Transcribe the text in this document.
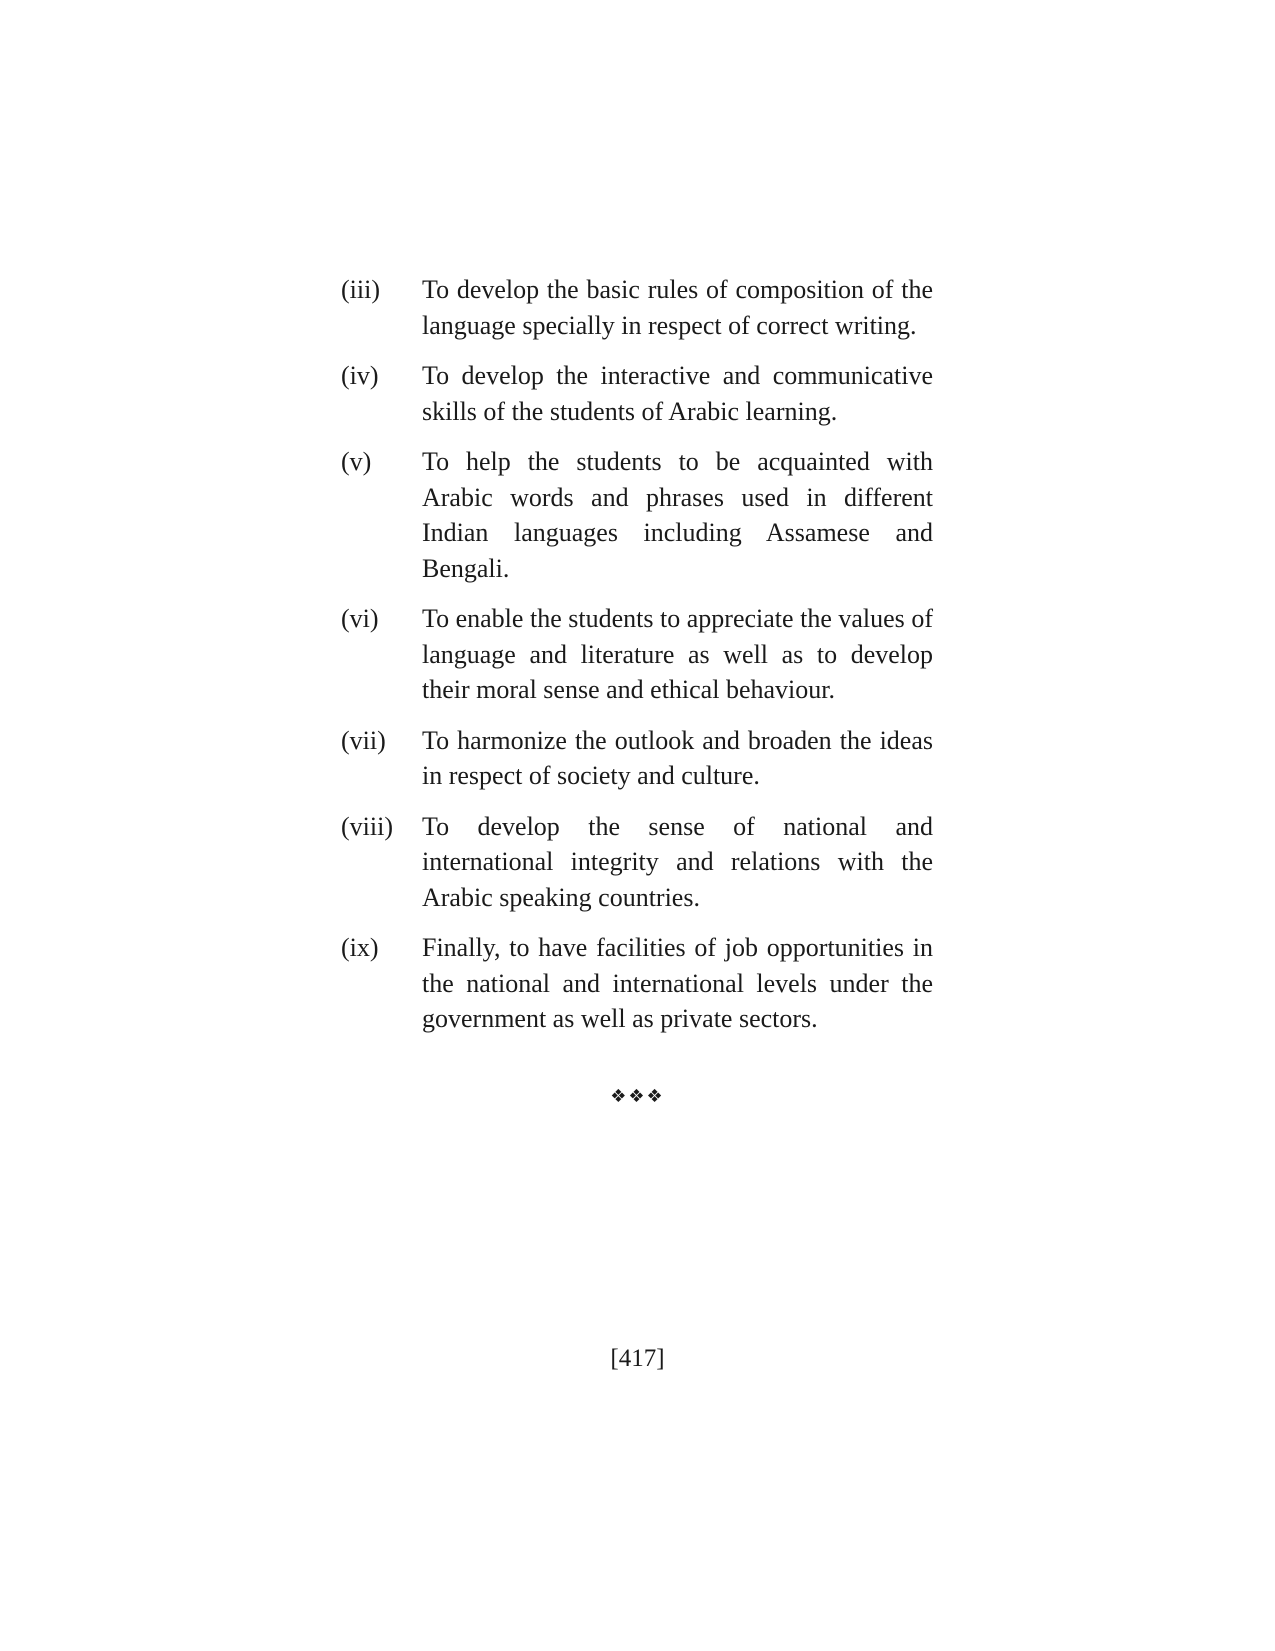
(iii)	To develop the basic rules of composition of the language specially in respect of correct writing.
(iv)	To develop the interactive and communicative skills of the students of Arabic learning.
(v)	To help the students to be acquainted with Arabic words and phrases used in different Indian languages including Assamese and Bengali.
(vi)	To enable the students to appreciate the values of language and literature as well as to develop their moral sense and ethical behaviour.
(vii)	To harmonize the outlook and broaden the ideas in respect of society and culture.
(viii)	To develop the sense of national and international integrity and relations with the Arabic speaking countries.
(ix)	Finally, to have facilities of job opportunities in the national and international levels under the government as well as private sectors.
❖❖❖
[417]
